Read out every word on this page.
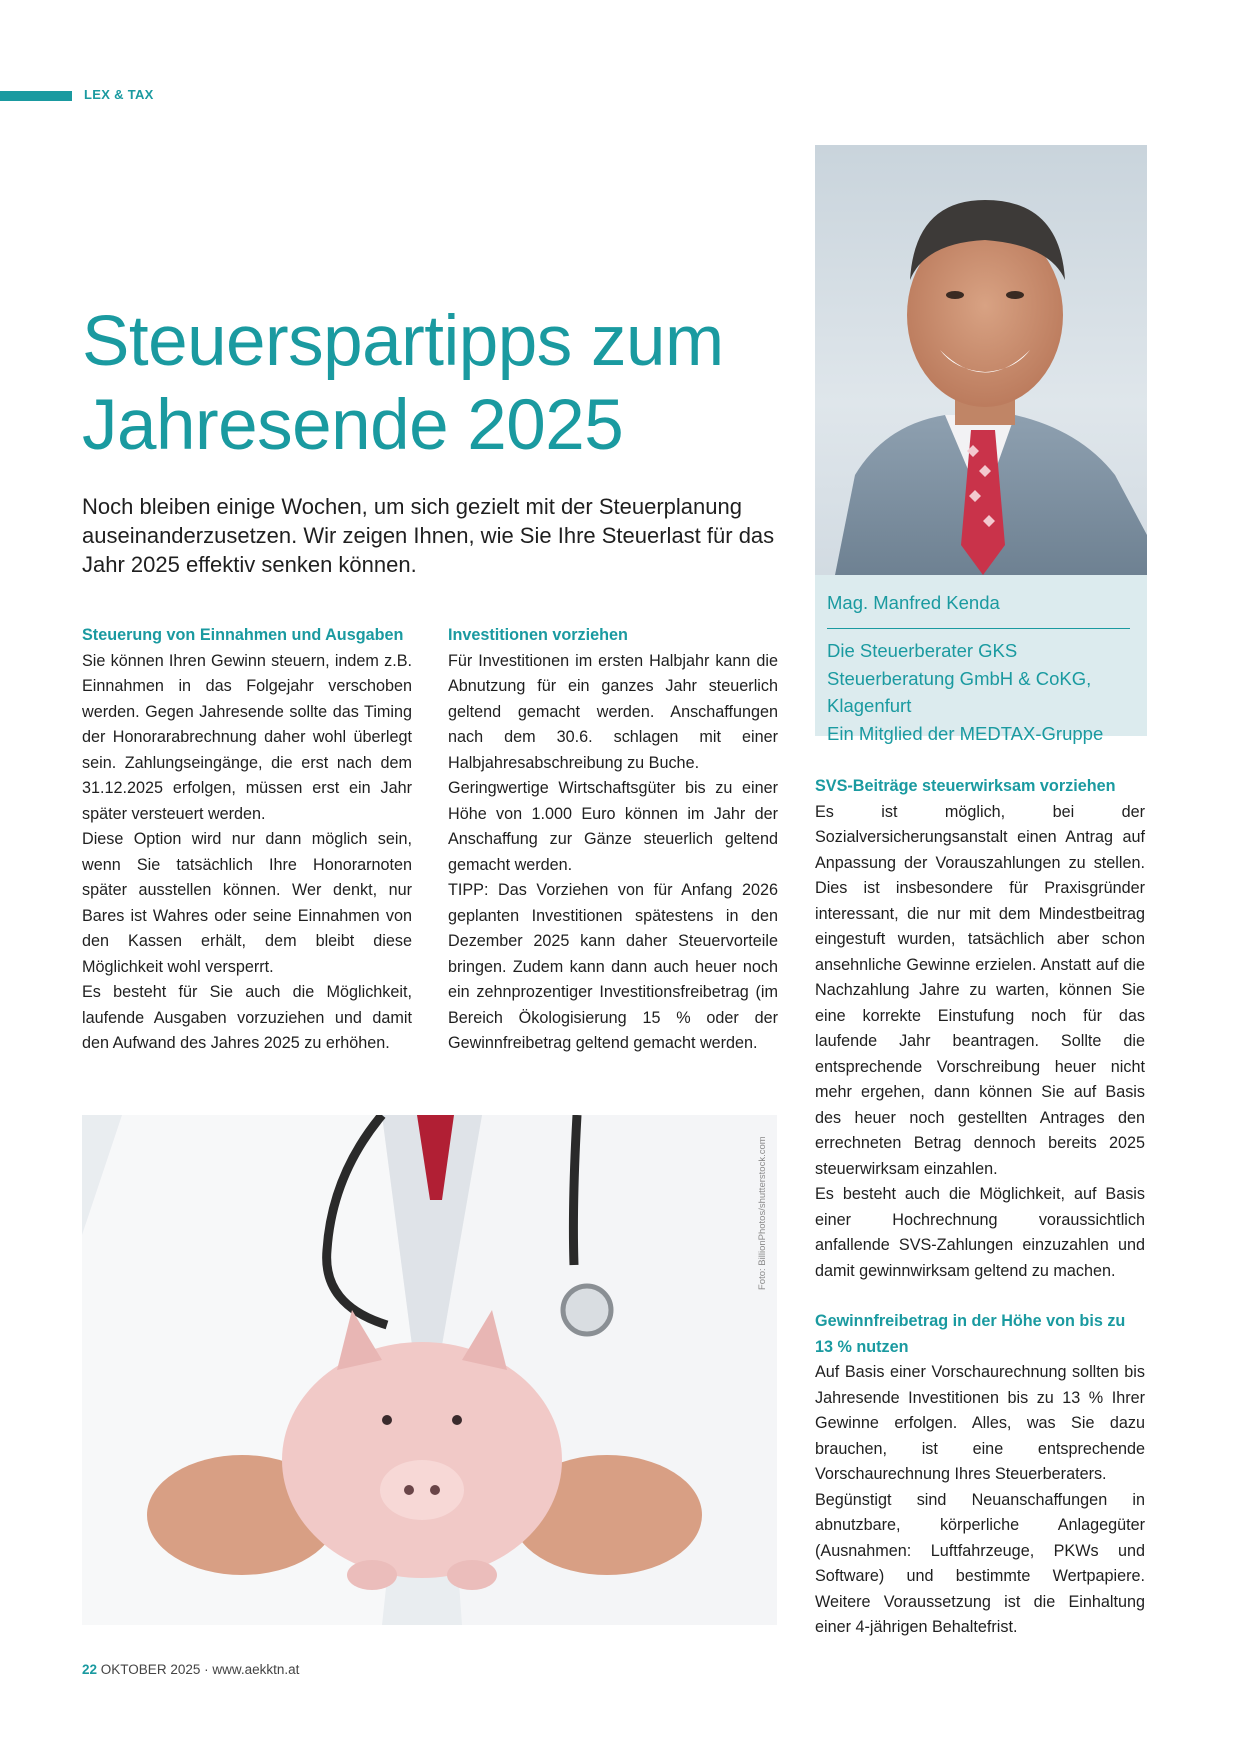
LEX & TAX
Steuerspartipps zum
Jahresende 2025

Noch bleiben einige Wochen, um sich gezielt mit der Steuerplanung auseinanderzusetzen. Wir zeigen Ihnen, wie Sie Ihre Steuerlast für das Jahr 2025 effektiv senken können.

Steuerung von Einnahmen und Ausgaben

Sie können Ihren Gewinn steuern, indem z.B. Einnahmen in das Folgejahr verschoben werden. Gegen Jahresende sollte das Timing der Honorarabrechnung daher wohl überlegt sein. Zahlungseingänge, die erst nach dem 31.12.2025 erfolgen, müssen erst ein Jahr später versteuert werden.

Diese Option wird nur dann möglich sein, wenn Sie tatsächlich Ihre Honorarnoten später ausstellen können. Wer denkt, nur Bares ist Wahres oder seine Einnahmen von den Kassen erhält, dem bleibt diese Möglichkeit wohl versperrt.

Es besteht für Sie auch die Möglichkeit, laufende Ausgaben vorzuziehen und damit den Aufwand des Jahres 2025 zu erhöhen.

Investitionen vorziehen

Für Investitionen im ersten Halbjahr kann die Abnutzung für ein ganzes Jahr steuerlich geltend gemacht werden. Anschaffungen nach dem 30.6. schlagen mit einer Halbjahresabschreibung zu Buche.

Geringwertige Wirtschaftsgüter bis zu einer Höhe von 1.000 Euro können im Jahr der Anschaffung zur Gänze steuerlich geltend gemacht werden.

TIPP: Das Vorziehen von für Anfang 2026 geplanten Investitionen spätestens in den Dezember 2025 kann daher Steuervorteile bringen. Zudem kann dann auch heuer noch ein zehnprozentiger Investitionsfreibetrag (im Bereich Ökologisierung 15 % oder der Gewinnfreibetrag geltend gemacht werden.

Mag. Manfred Kenda

Die Steuerberater GKS Steuerberatung GmbH & CoKG, Klagenfurt
Ein Mitglied der MEDTAX-Gruppe

SVS-Beiträge steuerwirksam vorziehen

Es ist möglich, bei der Sozialversicherungsanstalt einen Antrag auf Anpassung der Vorauszahlungen zu stellen. Dies ist insbesondere für Praxisgründer interessant, die nur mit dem Mindestbeitrag eingestuft wurden, tatsächlich aber schon ansehnliche Gewinne erzielen. Anstatt auf die Nachzahlung Jahre zu warten, können Sie eine korrekte Einstufung noch für das laufende Jahr beantragen. Sollte die entsprechende Vorschreibung heuer nicht mehr ergehen, dann können Sie auf Basis des heuer noch gestellten Antrages den errechneten Betrag dennoch bereits 2025 steuerwirksam einzahlen.

Es besteht auch die Möglichkeit, auf Basis einer Hochrechnung voraussichtlich anfallende SVS-Zahlungen einzuzahlen und damit gewinnwirksam geltend zu machen.

Gewinnfreibetrag in der Höhe von bis zu 13 % nutzen

Auf Basis einer Vorschaurechnung sollten bis Jahresende Investitionen bis zu 13 % Ihrer Gewinne erfolgen. Alles, was Sie dazu brauchen, ist eine entsprechende Vorschaurechnung Ihres Steuerberaters.

Begünstigt sind Neuanschaffungen in abnutzbare, körperliche Anlagegüter (Ausnahmen: Luftfahrzeuge, PKWs und Software) und bestimmte Wertpapiere. Weitere Voraussetzung ist die Einhaltung einer 4-jährigen Behaltefrist.

Foto: BillionPhotos/shutterstock.com
22 OKTOBER 2025 · www.aekktn.at
